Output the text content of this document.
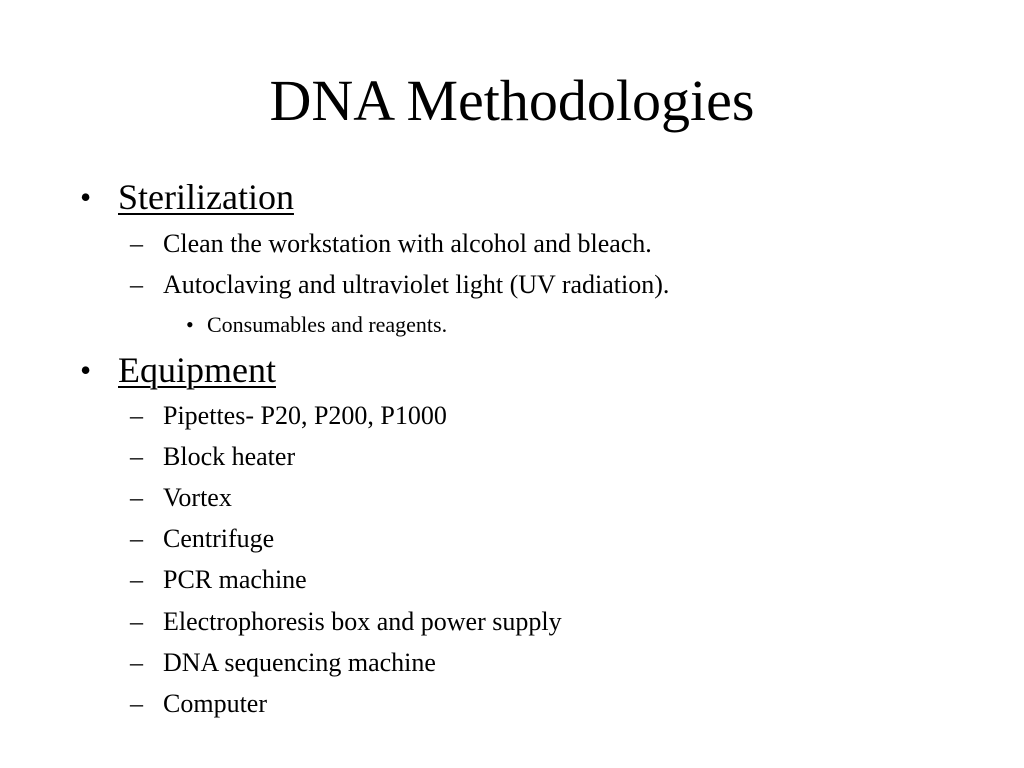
DNA Methodologies
• Sterilization
– Clean the workstation with alcohol and bleach.
– Autoclaving and ultraviolet light (UV radiation).
• Consumables and reagents.
• Equipment
– Pipettes- P20, P200, P1000
– Block heater
– Vortex
– Centrifuge
– PCR machine
– Electrophoresis box and power supply
– DNA sequencing machine
– Computer
